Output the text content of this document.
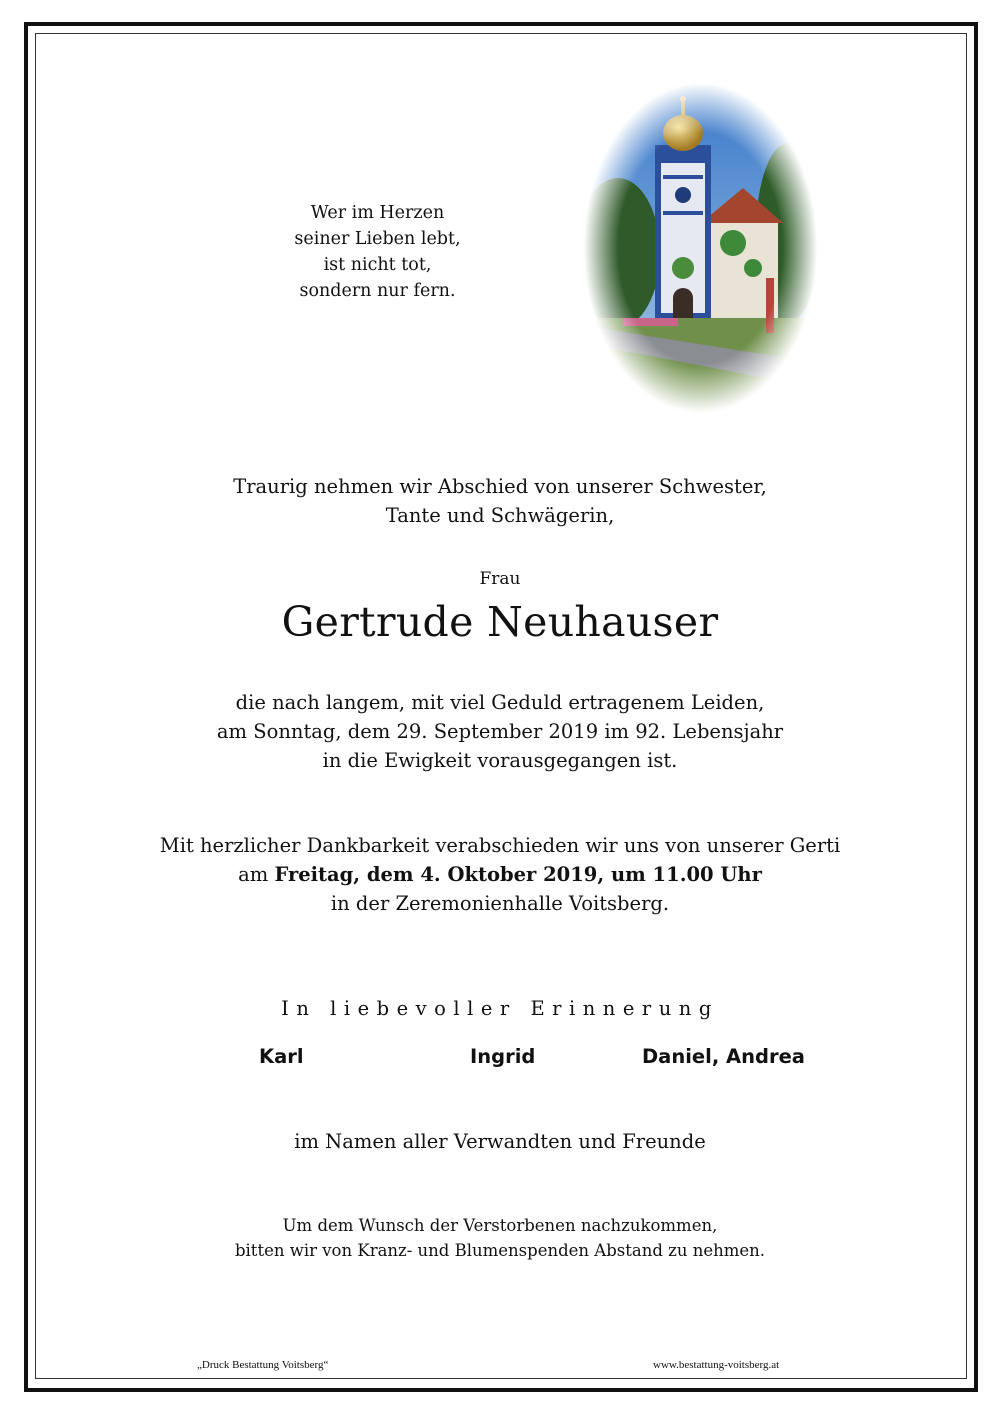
Wer im Herzen
seiner Lieben lebt,
ist nicht tot,
sondern nur fern.
Traurig nehmen wir Abschied von unserer Schwester,
Tante und Schwägerin,
Frau
Gertrude Neuhauser
die nach langem, mit viel Geduld ertragenem Leiden,
am Sonntag, dem 29. September 2019 im 92. Lebensjahr
in die Ewigkeit vorausgegangen ist.
Mit herzlicher Dankbarkeit verabschieden wir uns von unserer Gerti
am Freitag, dem 4. Oktober 2019, um 11.00 Uhr
in der Zeremonienhalle Voitsberg.
In liebevoller Erinnerung
Karl	Ingrid	Daniel, Andrea
im Namen aller Verwandten und Freunde
Um dem Wunsch der Verstorbenen nachzukommen,
bitten wir von Kranz- und Blumenspenden Abstand zu nehmen.
„Druck Bestattung Voitsberg“	www.bestattung-voitsberg.at
